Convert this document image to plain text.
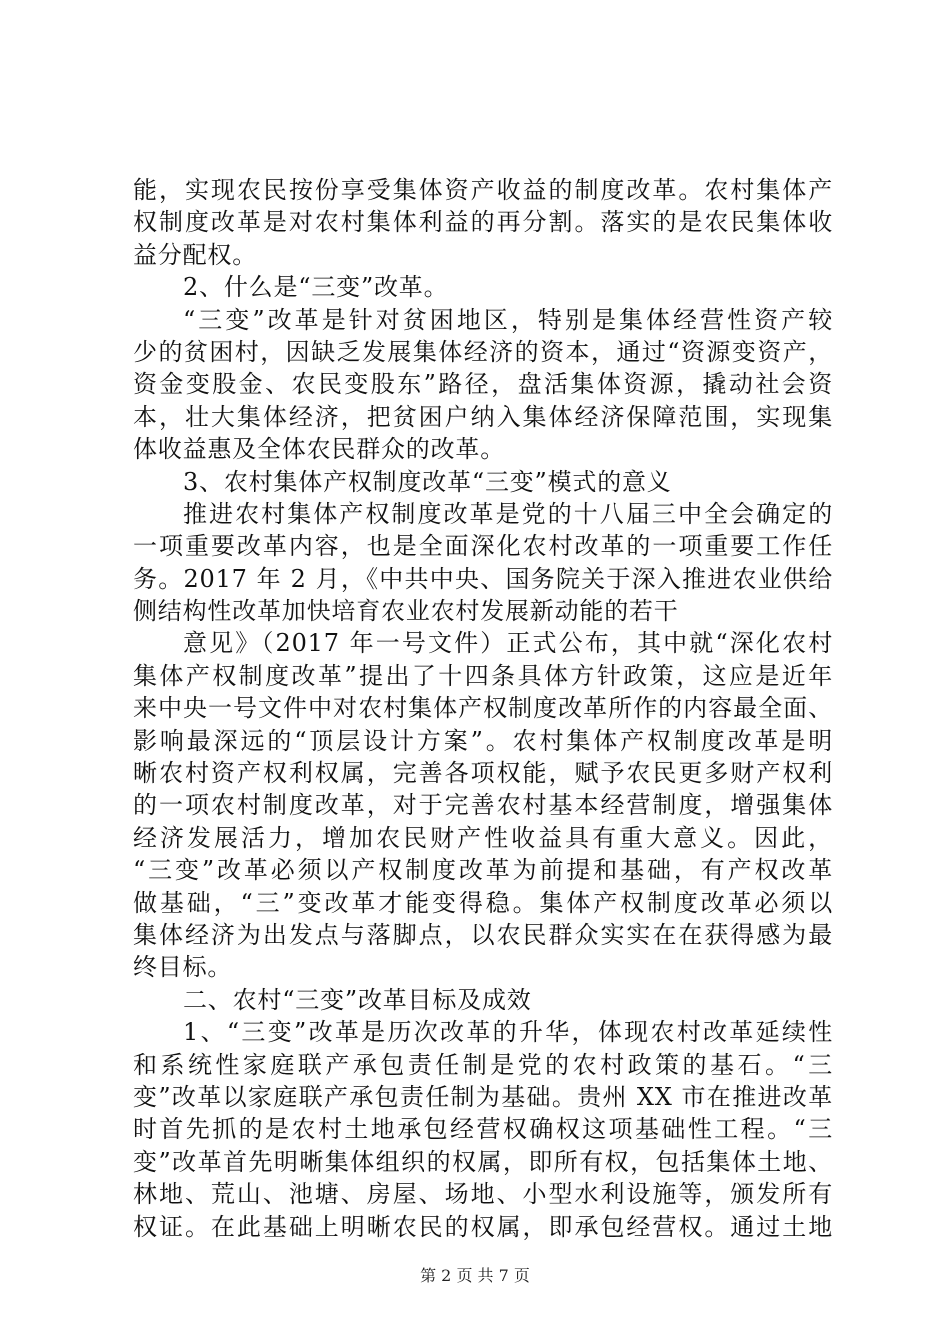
能，实现农民按份享受集体资产收益的制度改革。农村集体产
权制度改革是对农村集体利益的再分割。落实的是农民集体收
益分配权。
2、什么是“三变”改革。
“三变”改革是针对贫困地区，特别是集体经营性资产较
少的贫困村，因缺乏发展集体经济的资本，通过“资源变资产，
资金变股金、农民变股东”路径，盘活集体资源，撬动社会资
本，壮大集体经济，把贫困户纳入集体经济保障范围，实现集
体收益惠及全体农民群众的改革。
3、农村集体产权制度改革“三变”模式的意义
推进农村集体产权制度改革是党的十八届三中全会确定的
一项重要改革内容，也是全面深化农村改革的一项重要工作任
务。2017 年 2 月，《中共中央、国务院关于深入推进农业供给
侧结构性改革加快培育农业农村发展新动能的若干
意见》（2017 年一号文件）正式公布，其中就“深化农村
集体产权制度改革”提出了十四条具体方针政策，这应是近年
来中央一号文件中对农村集体产权制度改革所作的内容最全面、
影响最深远的“顶层设计方案”。农村集体产权制度改革是明
晰农村资产权利权属，完善各项权能，赋予农民更多财产权利
的一项农村制度改革，对于完善农村基本经营制度，增强集体
经济发展活力，增加农民财产性收益具有重大意义。因此，
“三变”改革必须以产权制度改革为前提和基础，有产权改革
做基础，“三”变改革才能变得稳。集体产权制度改革必须以
集体经济为出发点与落脚点，以农民群众实实在在获得感为最
终目标。
二、农村“三变”改革目标及成效
1、“三变”改革是历次改革的升华，体现农村改革延续性
和系统性家庭联产承包责任制是党的农村政策的基石。“三
变”改革以家庭联产承包责任制为基础。贵州 XX 市在推进改革
时首先抓的是农村土地承包经营权确权这项基础性工程。“三
变”改革首先明晰集体组织的权属，即所有权，包括集体土地、
林地、荒山、池塘、房屋、场地、小型水利设施等，颁发所有
权证。在此基础上明晰农民的权属，即承包经营权。通过土地
第 2 页 共 7 页
